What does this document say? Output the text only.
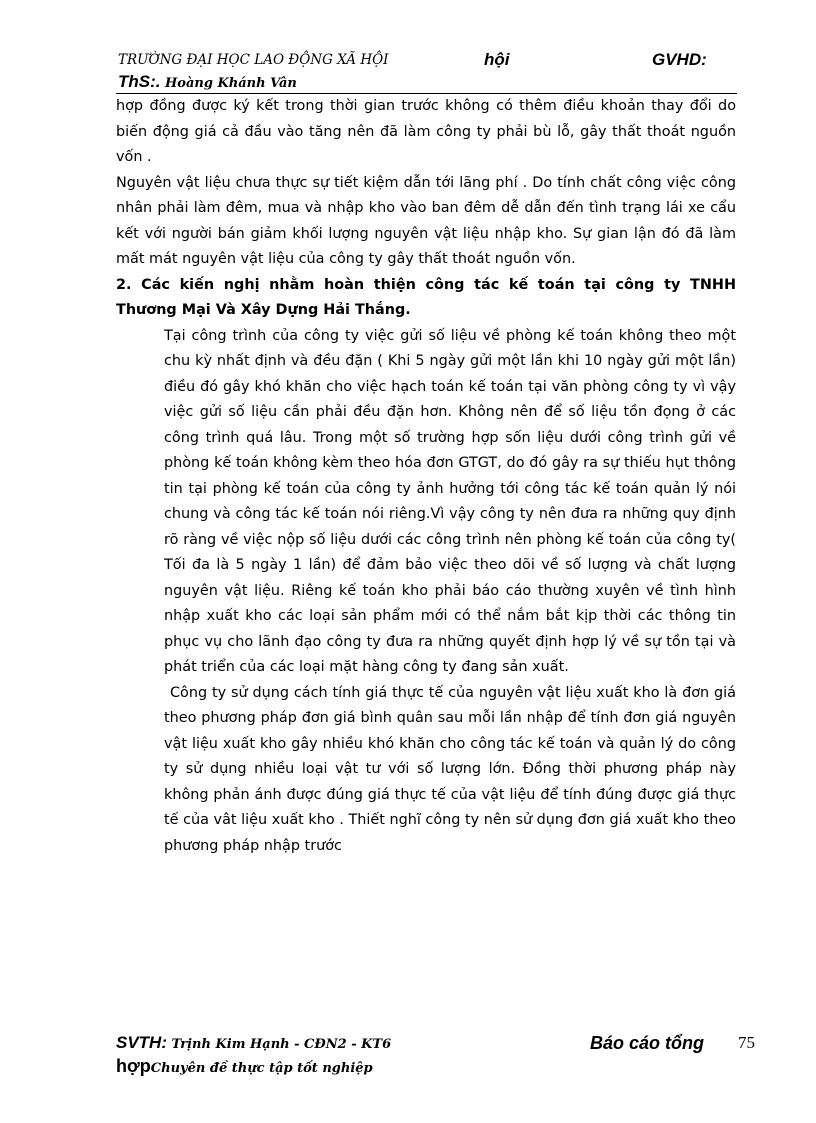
TRƯỜNG ĐẠI HỌC LAO ĐỘNG XÃ HỘI	hội	GVHD:
ThS:. Hoàng Khánh Vân

hợp đồng được ký kết trong thời gian trước không có thêm điều khoản thay đổi do biến động giá cả đầu vào tăng nên đã làm công ty phải bù lỗ, gây thất thoát nguồn vốn .

Nguyên vật liệu chưa thực sự tiết kiệm dẫn tới lãng phí . Do tính chất công việc công nhân phải làm đêm, mua và nhập kho vào ban đêm dễ dẫn đến tình trạng lái xe cẩu kết với người bán giảm khối lượng nguyên vật liệu nhập kho. Sự gian lận đó đã làm mất mát nguyên vật liệu của công ty gây thất thoát nguồn vốn.

2. Các kiến nghị nhằm hoàn thiện công tác kế toán tại công ty TNHH Thương Mại Và Xây Dựng Hải Thắng.

Tại công trình của công ty việc gửi số liệu về phòng kế toán không theo một chu kỳ nhất định và đều đặn ( Khi 5 ngày gửi một lần khi 10 ngày gửi một lần) điều đó gây khó khăn cho việc hạch toán kế toán tại văn phòng công ty vì vậy việc gửi số liệu cần phải đều đặn hơn. Không nên để số liệu tồn đọng ở các công trình quá lâu. Trong một số trường hợp sốn liệu dưới công trình gửi về phòng kế toán không kèm theo hóa đơn GTGT, do đó gây ra sự thiếu hụt thông tin tại phòng kế toán của công ty ảnh hưởng tới công tác kế toán quản lý nói chung và công tác kế toán nói riêng.Vì vậy công ty nên đưa ra những quy định rõ ràng về việc nộp số liệu dưới các công trình nên phòng kế toán của công ty( Tối đa là 5 ngày 1 lần) để đảm bảo việc theo dõi về số lượng và chất lượng nguyên vật liệu. Riêng kế toán kho phải báo cáo thường xuyên về tình hình nhập xuất kho các loại sản phẩm mới có thể nắm bắt kịp thời các thông tin phục vụ cho lãnh đạo công ty đưa ra những quyết định hợp lý về sự tồn tại và phát triển của các loại mặt hàng công ty đang sản xuất.

Công ty sử dụng cách tính giá thực tế của nguyên vật liệu xuất kho là đơn giá theo phương pháp đơn giá bình quân sau mỗi lần nhập để tính đơn giá nguyên vật liệu xuất kho gây nhiều khó khăn cho công tác kế toán và quản lý do công ty sử dụng nhiều loại vật tư với số lượng lớn. Đồng thời phương pháp này không phản ánh được đúng giá thực tế của vật liệu để tính đúng được giá thực tế của vât liệu xuất kho . Thiết nghĩ công ty nên sử dụng đơn giá xuất kho theo phương pháp nhập trước

SVTH: Trịnh Kim Hạnh - CĐN2 - KT6	Báo cáo tổng 75
hợpChuyên đề thực tập tốt nghiệp
